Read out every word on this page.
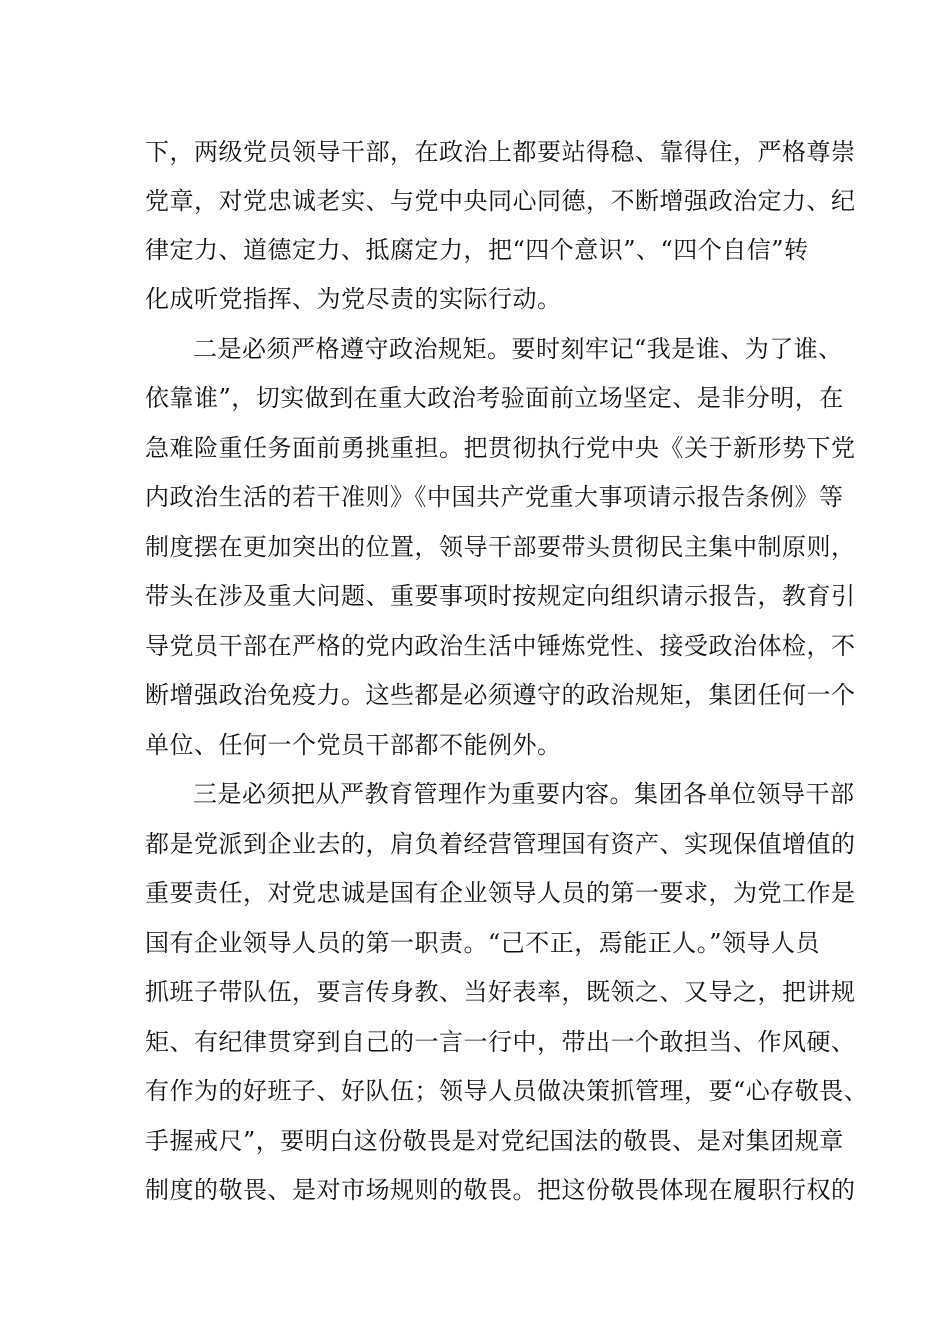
下，两级党员领导干部，在政治上都要站得稳、靠得住，严格尊崇
党章，对党忠诚老实、与党中央同心同德，不断增强政治定力、纪
律定力、道德定力、抵腐定力，把“四个意识”、“四个自信”转
化成听党指挥、为党尽责的实际行动。
二是必须严格遵守政治规矩。要时刻牢记“我是谁、为了谁、
依靠谁”，切实做到在重大政治考验面前立场坚定、是非分明，在
急难险重任务面前勇挑重担。把贯彻执行党中央《关于新形势下党
内政治生活的若干准则》《中国共产党重大事项请示报告条例》等
制度摆在更加突出的位置，领导干部要带头贯彻民主集中制原则，
带头在涉及重大问题、重要事项时按规定向组织请示报告，教育引
导党员干部在严格的党内政治生活中锤炼党性、接受政治体检，不
断增强政治免疫力。这些都是必须遵守的政治规矩，集团任何一个
单位、任何一个党员干部都不能例外。
三是必须把从严教育管理作为重要内容。集团各单位领导干部
都是党派到企业去的，肩负着经营管理国有资产、实现保值增值的
重要责任，对党忠诚是国有企业领导人员的第一要求，为党工作是
国有企业领导人员的第一职责。“己不正，焉能正人。”领导人员
抓班子带队伍，要言传身教、当好表率，既领之、又导之，把讲规
矩、有纪律贯穿到自己的一言一行中，带出一个敢担当、作风硬、
有作为的好班子、好队伍；领导人员做决策抓管理，要“心存敬畏、
手握戒尺”，要明白这份敬畏是对党纪国法的敬畏、是对集团规章
制度的敬畏、是对市场规则的敬畏。把这份敬畏体现在履职行权的
